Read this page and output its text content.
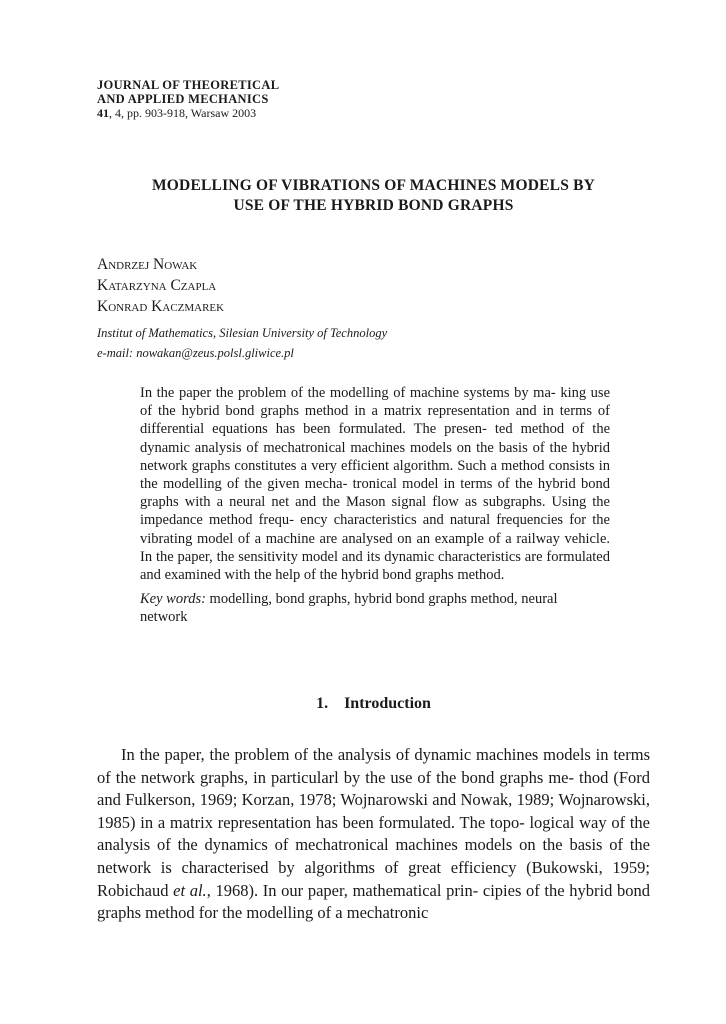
JOURNAL OF THEORETICAL
AND APPLIED MECHANICS
41, 4, pp. 903-918, Warsaw 2003
MODELLING OF VIBRATIONS OF MACHINES MODELS BY
USE OF THE HYBRID BOND GRAPHS
Andrzej Nowak
Katarzyna Czapla
Konrad Kaczmarek
Institut of Mathematics, Silesian University of Technology
e-mail: nowakan@zeus.polsl.gliwice.pl
In the paper the problem of the modelling of machine systems by ma- king use of the hybrid bond graphs method in a matrix representation and in terms of differential equations has been formulated. The presen- ted method of the dynamic analysis of mechatronical machines models on the basis of the hybrid network graphs constitutes a very efficient algorithm. Such a method consists in the modelling of the given mecha- tronical model in terms of the hybrid bond graphs with a neural net and the Mason signal flow as subgraphs. Using the impedance method frequ- ency characteristics and natural frequencies for the vibrating model of a machine are analysed on an example of a railway vehicle. In the paper, the sensitivity model and its dynamic characteristics are formulated and examined with the help of the hybrid bond graphs method.
Key words: modelling, bond graphs, hybrid bond graphs method, neural
network
1. Introduction
In the paper, the problem of the analysis of dynamic machines models in terms of the network graphs, in particularl by the use of the bond graphs me- thod (Ford and Fulkerson, 1969; Korzan, 1978; Wojnarowski and Nowak, 1989; Wojnarowski, 1985) in a matrix representation has been formulated. The topo- logical way of the analysis of the dynamics of mechatronical machines models on the basis of the network is characterised by algorithms of great efficiency (Bukowski, 1959; Robichaud et al., 1968). In our paper, mathematical prin- cipies of the hybrid bond graphs method for the modelling of a mechatronic
